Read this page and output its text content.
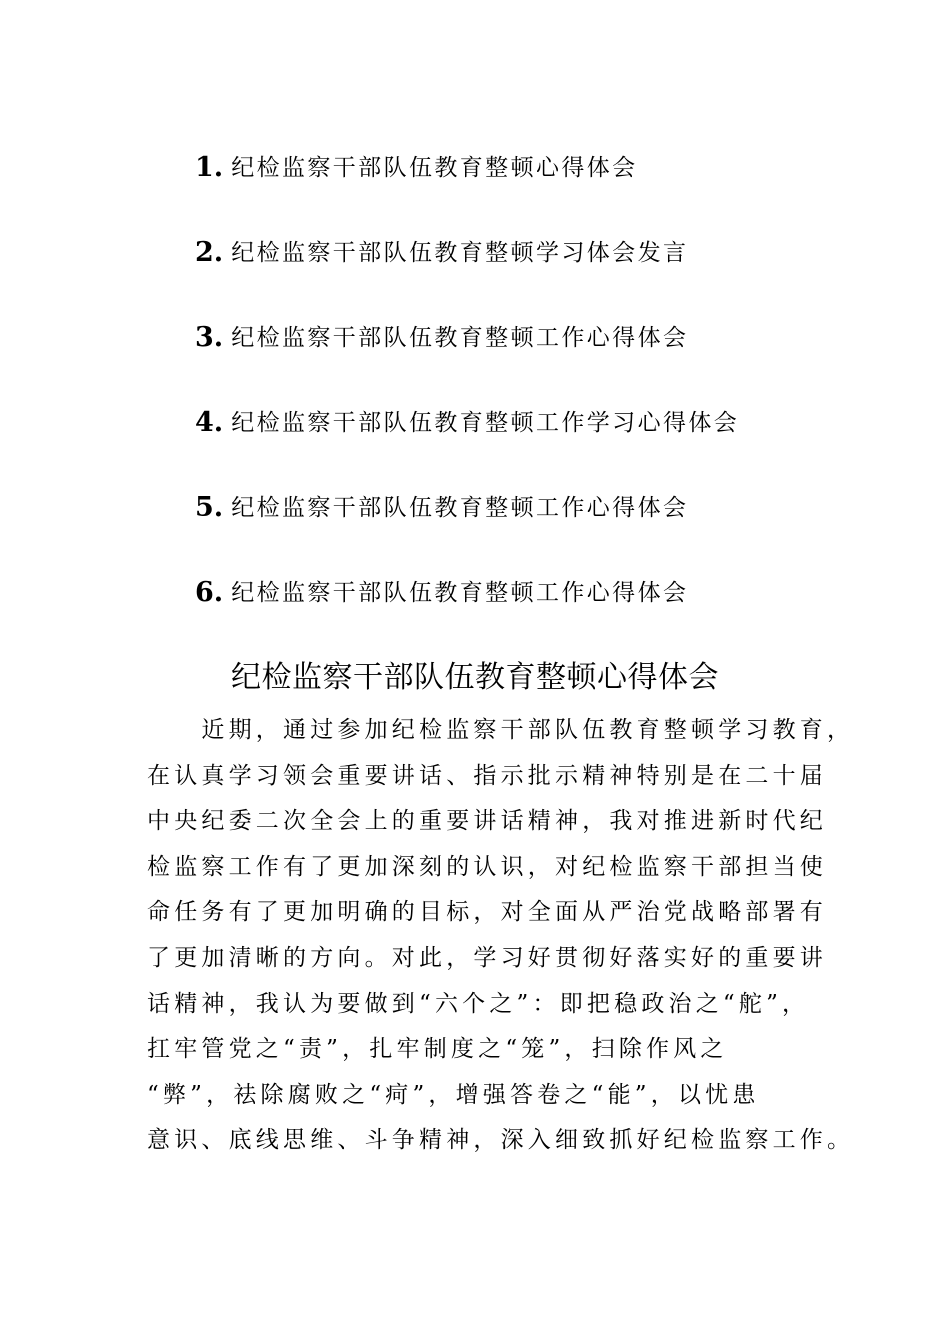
1. 纪检监察干部队伍教育整顿心得体会
2. 纪检监察干部队伍教育整顿学习体会发言
3. 纪检监察干部队伍教育整顿工作心得体会
4. 纪检监察干部队伍教育整顿工作学习心得体会
5. 纪检监察干部队伍教育整顿工作心得体会
6. 纪检监察干部队伍教育整顿工作心得体会
纪检监察干部队伍教育整顿心得体会
　　近期，通过参加纪检监察干部队伍教育整顿学习教育，
在认真学习领会重要讲话、指示批示精神特别是在二十届
中央纪委二次全会上的重要讲话精神，我对推进新时代纪
检监察工作有了更加深刻的认识，对纪检监察干部担当使
命任务有了更加明确的目标，对全面从严治党战略部署有
了更加清晰的方向。对此，学习好贯彻好落实好的重要讲
话精神，我认为要做到“六个之”：即把稳政治之“舵”，
扛牢管党之“责”，扎牢制度之“笼”，扫除作风之
“弊”，祛除腐败之“疴”，增强答卷之“能”，以忧患
意识、底线思维、斗争精神，深入细致抓好纪检监察工作。
